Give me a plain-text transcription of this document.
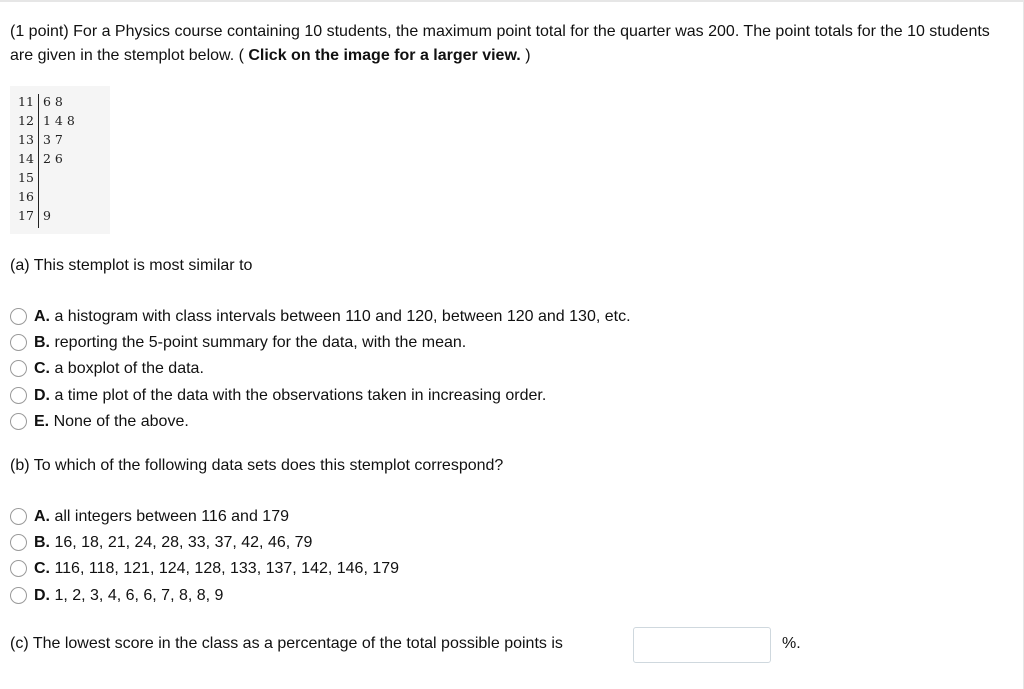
(1 point) For a Physics course containing 10 students, the maximum point total for the quarter was 200. The point totals for the 10 students are given in the stemplot below. ( Click on the image for a larger view. )
11 6 8
12 1 4 8
13 3 7
14 2 6
15
16
17 9
(a) This stemplot is most similar to
A. a histogram with class intervals between 110 and 120, between 120 and 130, etc.
B. reporting the 5-point summary for the data, with the mean.
C. a boxplot of the data.
D. a time plot of the data with the observations taken in increasing order.
E. None of the above.
(b) To which of the following data sets does this stemplot correspond?
A. all integers between 116 and 179
B. 16, 18, 21, 24, 28, 33, 37, 42, 46, 79
C. 116, 118, 121, 124, 128, 133, 137, 142, 146, 179
D. 1, 2, 3, 4, 6, 6, 7, 8, 8, 9
(c) The lowest score in the class as a percentage of the total possible points is	%.
